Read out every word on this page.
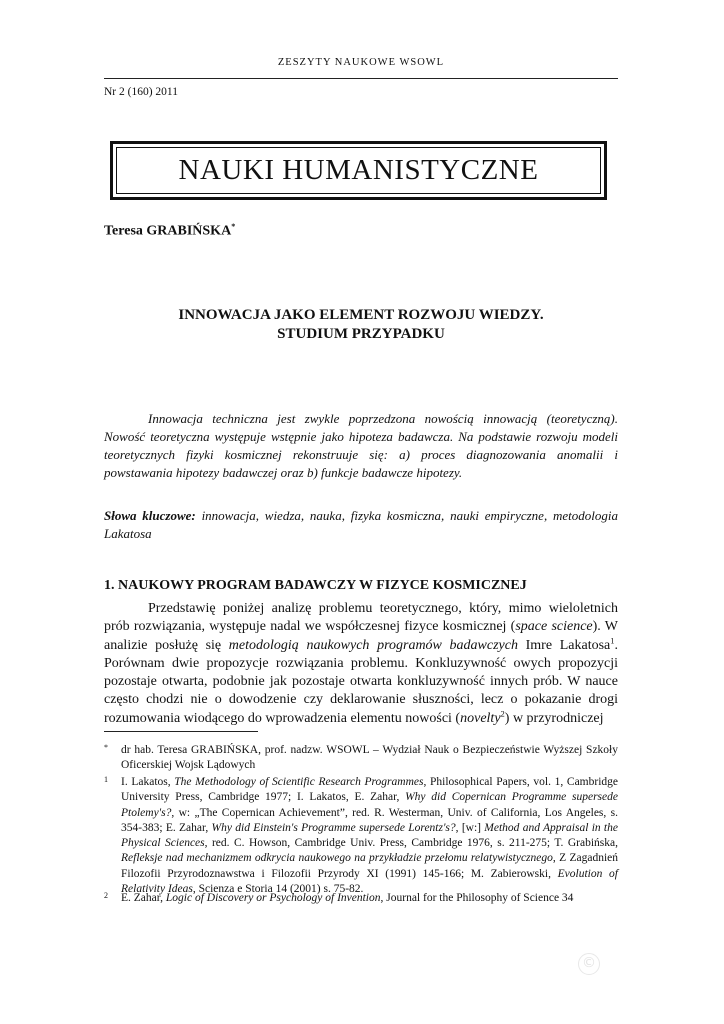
ZESZYTY NAUKOWE WSOWL
Nr 2 (160) 2011
NAUKI HUMANISTYCZNE
Teresa GRABIŃSKA*
INNOWACJA JAKO ELEMENT ROZWOJU WIEDZY.
STUDIUM PRZYPADKU
Innowacja techniczna jest zwykle poprzedzona nowością innowacją (teoretyczną). Nowość teoretyczna występuje wstępnie jako hipoteza badawcza. Na podstawie rozwoju modeli teoretycznych fizyki kosmicznej rekonstruuje się: a) proces diagnozowania anomalii i powstawania hipotezy badawczej oraz b) funkcje badawcze hipotezy.
Słowa kluczowe: innowacja, wiedza, nauka, fizyka kosmiczna, nauki empiryczne, metodologia Lakatosa
1. NAUKOWY PROGRAM BADAWCZY W FIZYCE KOSMICZNEJ
Przedstawię poniżej analizę problemu teoretycznego, który, mimo wieloletnich prób rozwiązania, występuje nadal we współczesnej fizyce kosmicznej (space science). W analizie posłużę się metodologią naukowych programów badawczych Imre Lakatosa$^1$. Porównam dwie propozycje rozwiązania problemu. Konkluzywność owych propozycji pozostaje otwarta, podobnie jak pozostaje otwarta konkluzywność innych prób. W nauce często chodzi nie o dowodzenie czy deklarowanie słuszności, lecz o pokazanie drogi rozumowania wiodącego do wprowadzenia elementu nowości (novelty$^2$) w przyrodniczej
* dr hab. Teresa GRABIŃSKA, prof. nadzw. WSOWL – Wydział Nauk o Bezpieczeństwie Wyższej Szkoły Oficerskiej Wojsk Lądowych
1 I. Lakatos, The Methodology of Scientific Research Programmes, Philosophical Papers, vol. 1, Cambridge University Press, Cambridge 1977; I. Lakatos, E. Zahar, Why did Copernican Programme supersede Ptolemy's?, w: „The Copernican Achievement”, red. R. Westerman, Univ. of California, Los Angeles, s. 354-383; E. Zahar, Why did Einstein's Programme supersede Lorentz's?, [w:] Method and Appraisal in the Physical Sciences, red. C. Howson, Cambridge Univ. Press, Cambridge 1976, s. 211-275; T. Grabińska, Refleksje nad mechanizmem odkrycia naukowego na przykładzie przełomu relatywistycznego, Z Zagadnień Filozofii Przyrodoznawstwa i Filozofii Przyrody XI (1991) 145-166; M. Zabierowski, Evolution of Relativity Ideas, Scienza e Storia 14 (2001) s. 75-82.
2 E. Zahar, Logic of Discovery or Psychology of Invention, Journal for the Philosophy of Science 34
©
